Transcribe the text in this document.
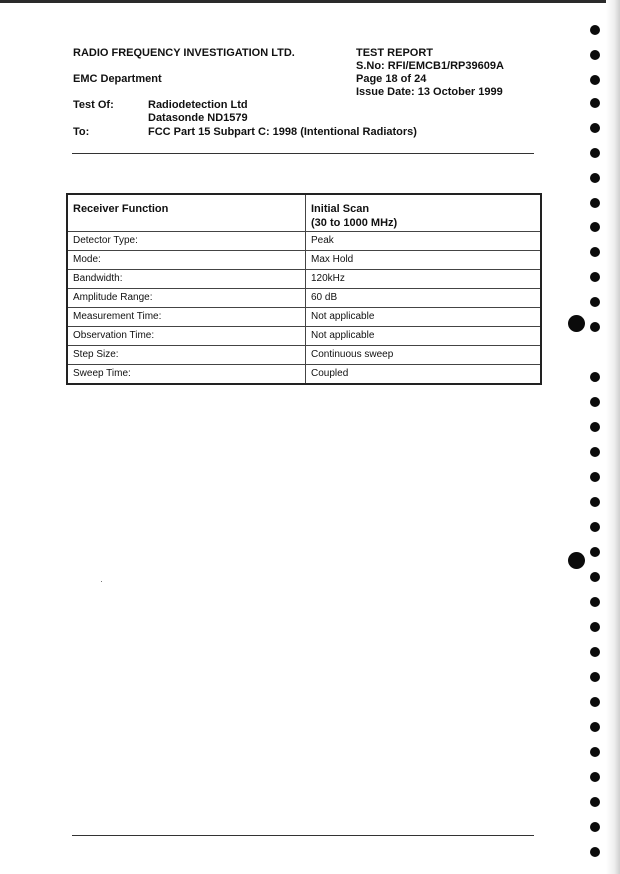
RADIO FREQUENCY INVESTIGATION LTD.
EMC Department
Test Of:	Radiodetection Ltd
Datasonde ND1579
To:	FCC Part 15 Subpart C: 1998 (Intentional Radiators)
TEST REPORT
S.No: RFI/EMCB1/RP39609A
Page 18 of 24
Issue Date: 13 October 1999
Receiver Function	Initial Scan
(30 to 1000 MHz)

Detector Type:	Peak
Mode:	Max Hold
Bandwidth:	120kHz
Amplitude Range:	60 dB
Measurement Time:	Not applicable
Observation Time:	Not applicable
Step Size:	Continuous sweep
Sweep Time:	Coupled
